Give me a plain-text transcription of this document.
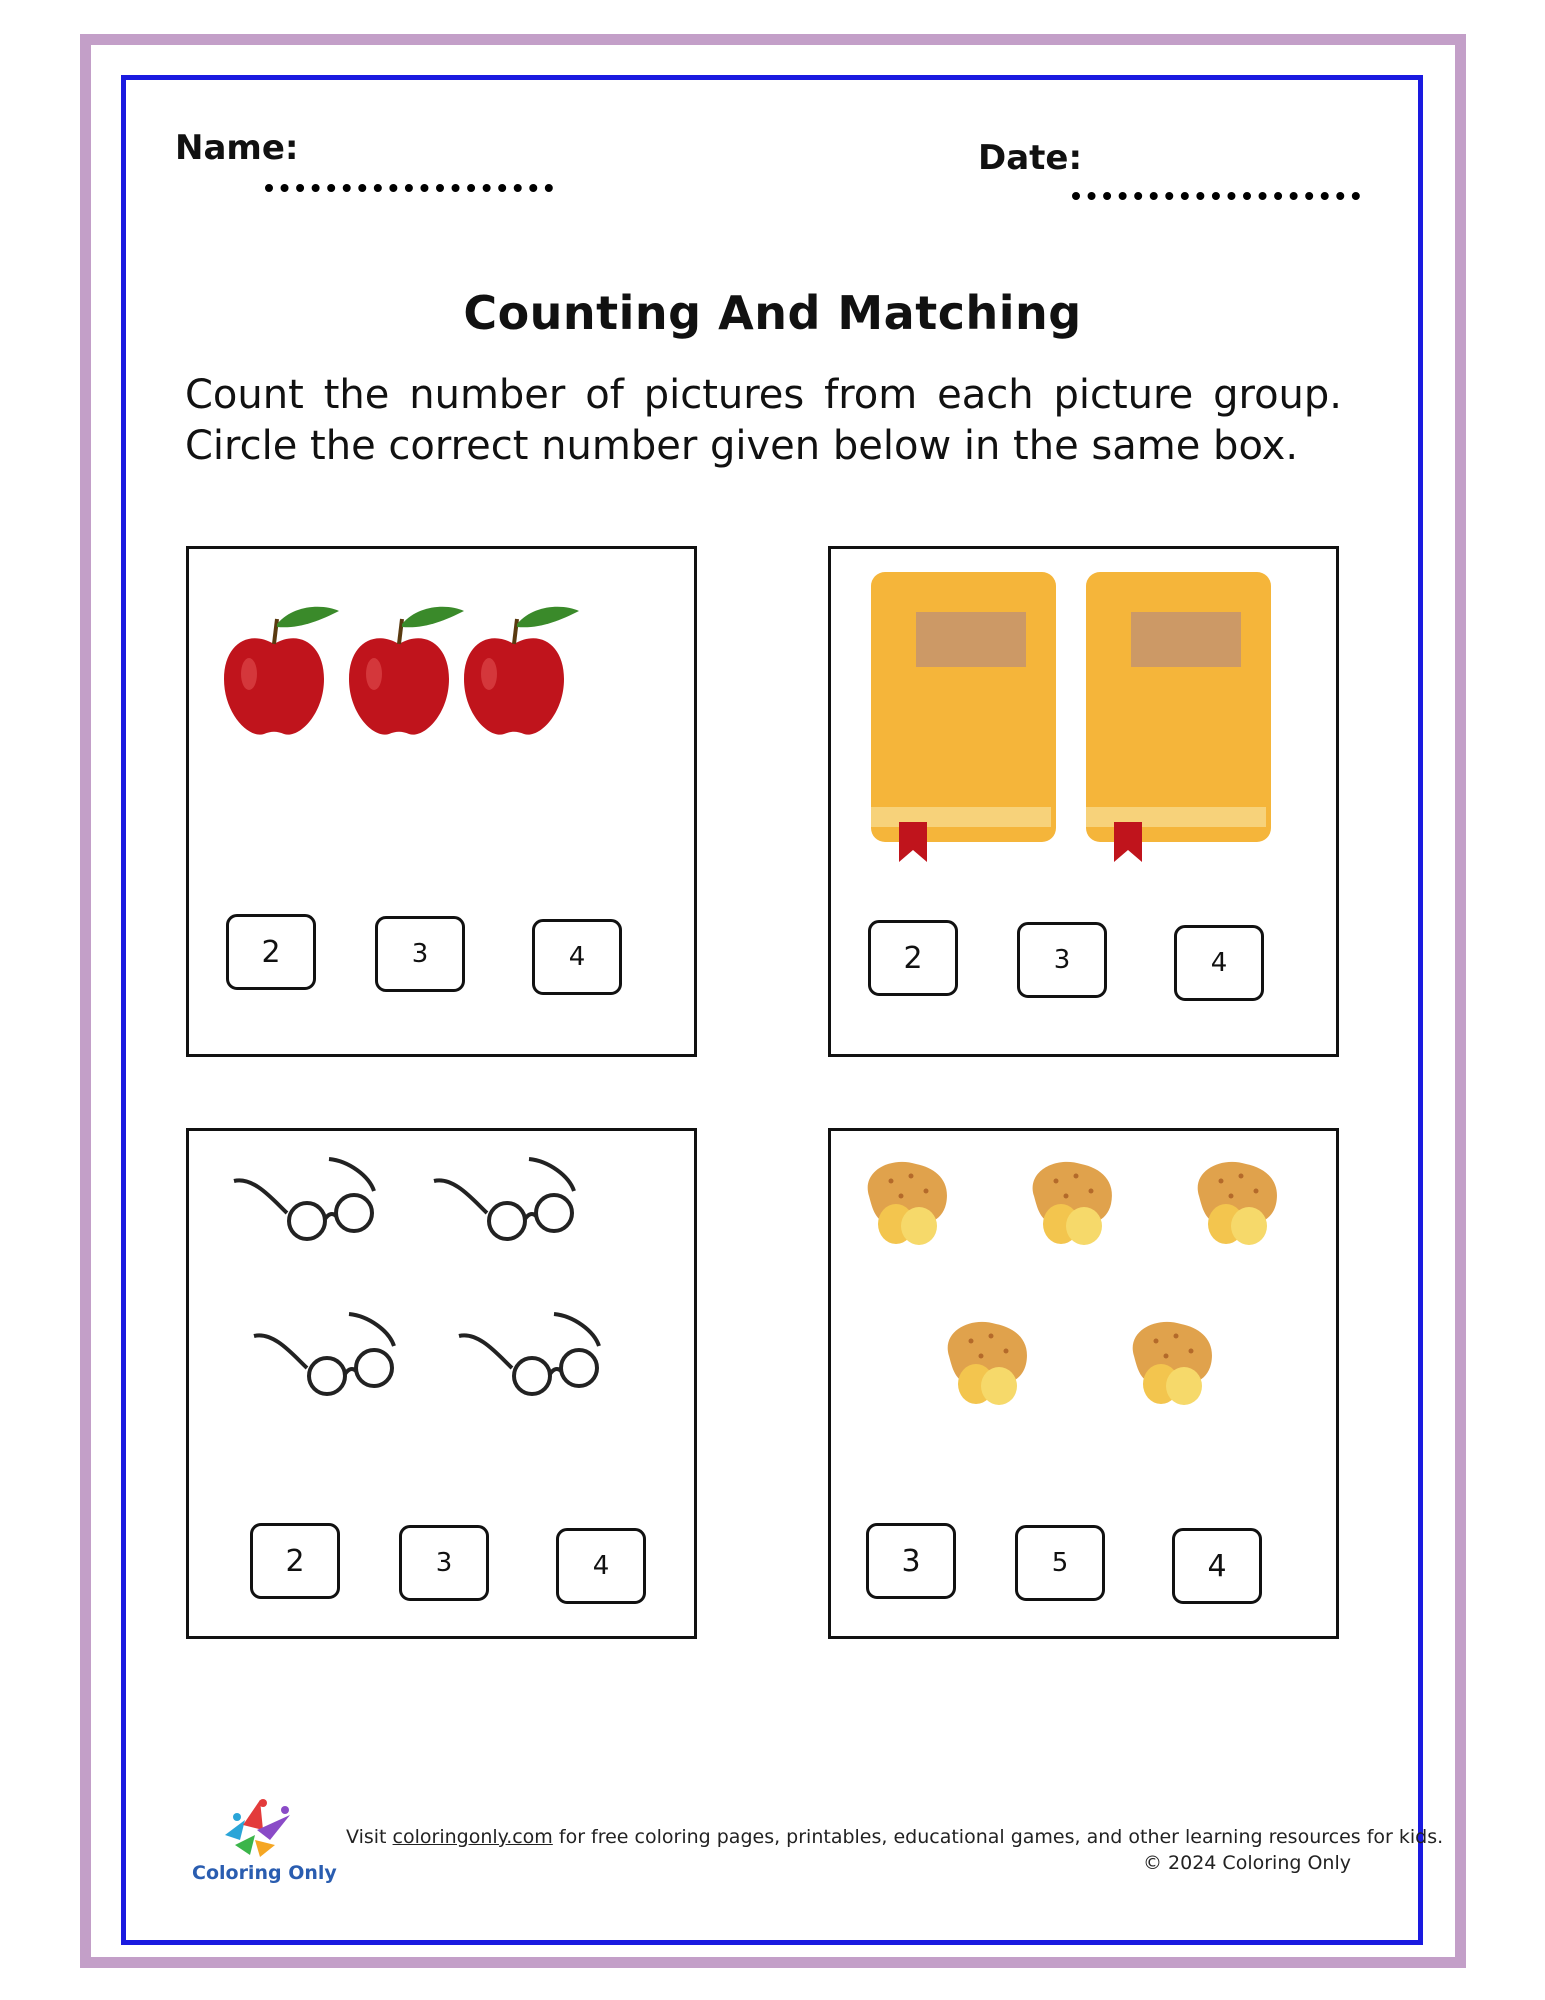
Name:	Date:
Counting And Matching
Count the number of pictures from each picture group. Circle the correct number given below in the same box.
2	3	4	2	3	4
2	3	4	3	5	4
Coloring Only
Visit coloringonly.com for free coloring pages, printables, educational games, and other learning resources for kids.
© 2024 Coloring Only
